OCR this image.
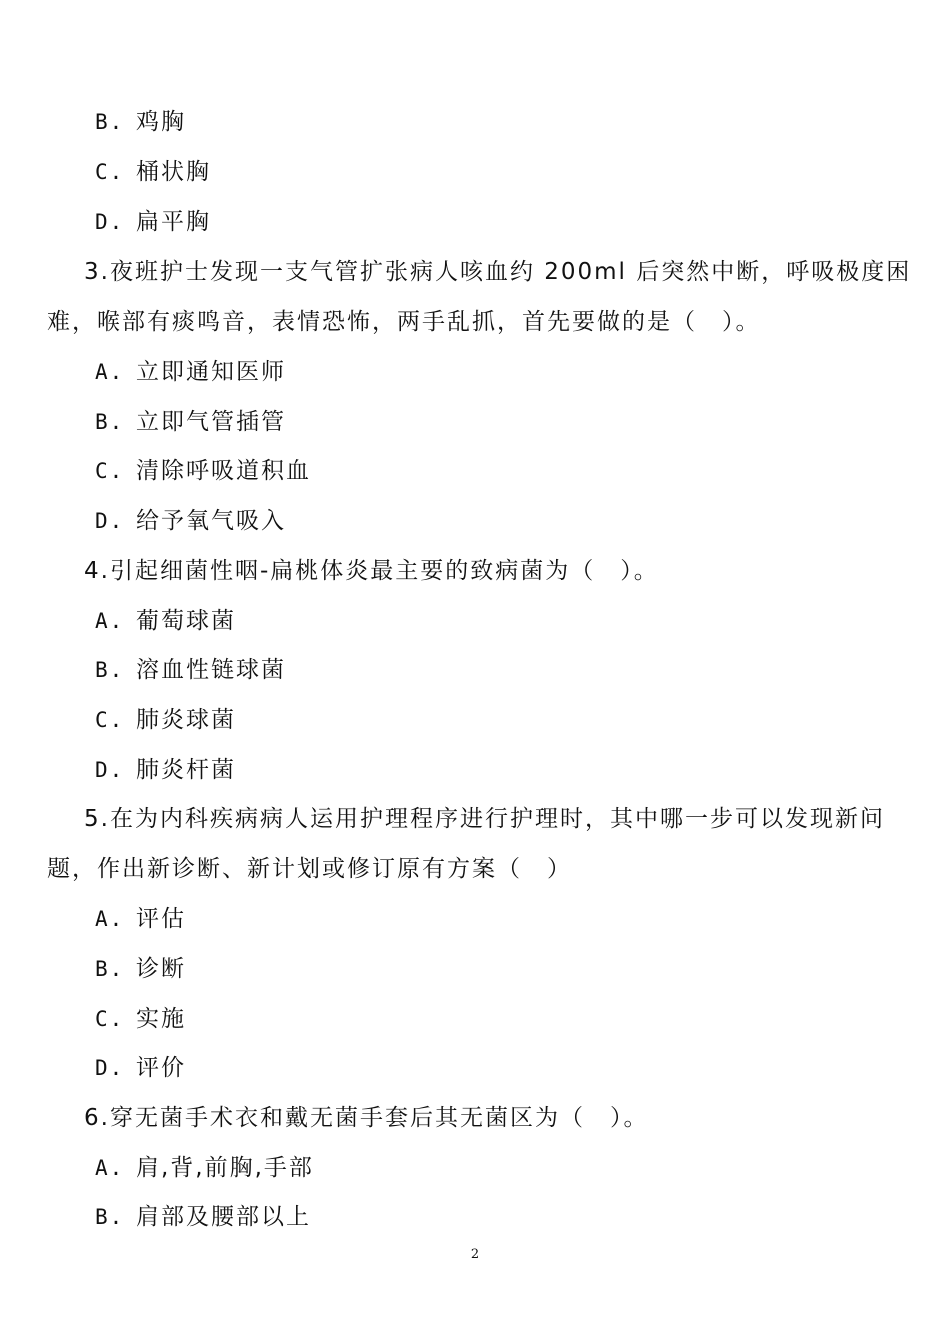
B. 鸡胸
C. 桶状胸
D. 扁平胸
3.夜班护士发现一支气管扩张病人咳血约 200ml 后突然中断，呼吸极度困
难，喉部有痰鸣音，表情恐怖，两手乱抓，首先要做的是（　）。
A. 立即通知医师
B. 立即气管插管
C. 清除呼吸道积血
D. 给予氧气吸入
4.引起细菌性咽-扁桃体炎最主要的致病菌为（　）。
A. 葡萄球菌
B. 溶血性链球菌
C. 肺炎球菌
D. 肺炎杆菌
5.在为内科疾病病人运用护理程序进行护理时，其中哪一步可以发现新问
题，作出新诊断、新计划或修订原有方案（　）
A. 评估
B. 诊断
C. 实施
D. 评价
6.穿无菌手术衣和戴无菌手套后其无菌区为（　）。
A. 肩,背,前胸,手部
B. 肩部及腰部以上
2
